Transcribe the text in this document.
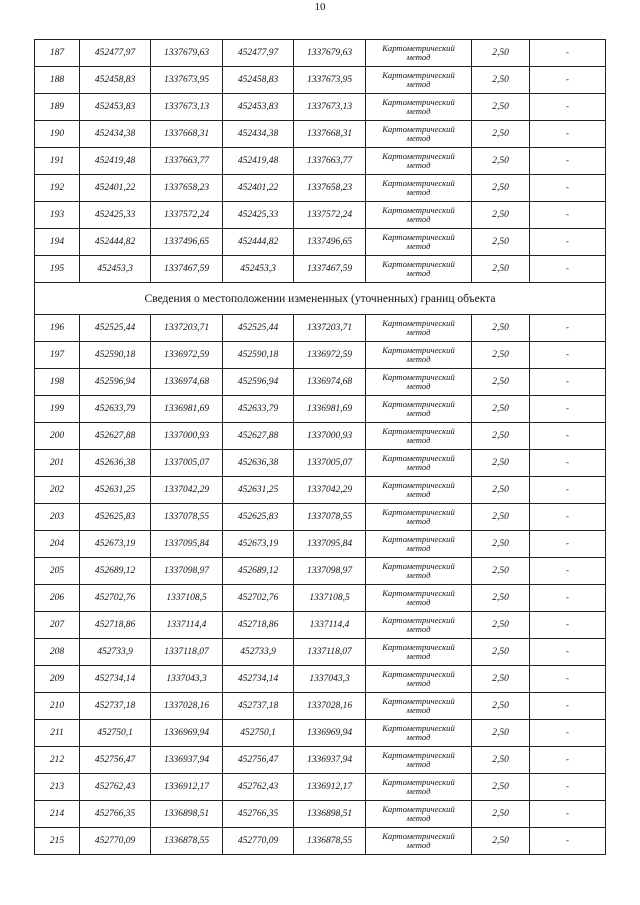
10
187	452477,97	1337679,63	452477,97	1337679,63	Картометрический
метод	2,50	-
188	452458,83	1337673,95	452458,83	1337673,95	Картометрический
метод	2,50	-
189	452453,83	1337673,13	452453,83	1337673,13	Картометрический
метод	2,50	-
190	452434,38	1337668,31	452434,38	1337668,31	Картометрический
метод	2,50	-
191	452419,48	1337663,77	452419,48	1337663,77	Картометрический
метод	2,50	-
192	452401,22	1337658,23	452401,22	1337658,23	Картометрический
метод	2,50	-
193	452425,33	1337572,24	452425,33	1337572,24	Картометрический
метод	2,50	-
194	452444,82	1337496,65	452444,82	1337496,65	Картометрический
метод	2,50	-
195	452453,3	1337467,59	452453,3	1337467,59	Картометрический
метод	2,50	-
Сведения о местоположении измененных (уточненных) границ объекта							
196	452525,44	1337203,71	452525,44	1337203,71	Картометрический
метод	2,50	-
197	452590,18	1336972,59	452590,18	1336972,59	Картометрический
метод	2,50	-
198	452596,94	1336974,68	452596,94	1336974,68	Картометрический
метод	2,50	-
199	452633,79	1336981,69	452633,79	1336981,69	Картометрический
метод	2,50	-
200	452627,88	1337000,93	452627,88	1337000,93	Картометрический
метод	2,50	-
201	452636,38	1337005,07	452636,38	1337005,07	Картометрический
метод	2,50	-
202	452631,25	1337042,29	452631,25	1337042,29	Картометрический
метод	2,50	-
203	452625,83	1337078,55	452625,83	1337078,55	Картометрический
метод	2,50	-
204	452673,19	1337095,84	452673,19	1337095,84	Картометрический
метод	2,50	-
205	452689,12	1337098,97	452689,12	1337098,97	Картометрический
метод	2,50	-
206	452702,76	1337108,5	452702,76	1337108,5	Картометрический
метод	2,50	-
207	452718,86	1337114,4	452718,86	1337114,4	Картометрический
метод	2,50	-
208	452733,9	1337118,07	452733,9	1337118,07	Картометрический
метод	2,50	-
209	452734,14	1337043,3	452734,14	1337043,3	Картометрический
метод	2,50	-
210	452737,18	1337028,16	452737,18	1337028,16	Картометрический
метод	2,50	-
211	452750,1	1336969,94	452750,1	1336969,94	Картометрический
метод	2,50	-
212	452756,47	1336937,94	452756,47	1336937,94	Картометрический
метод	2,50	-
213	452762,43	1336912,17	452762,43	1336912,17	Картометрический
метод	2,50	-
214	452766,35	1336898,51	452766,35	1336898,51	Картометрический
метод	2,50	-
215	452770,09	1336878,55	452770,09	1336878,55	Картометрический
метод	2,50	-
